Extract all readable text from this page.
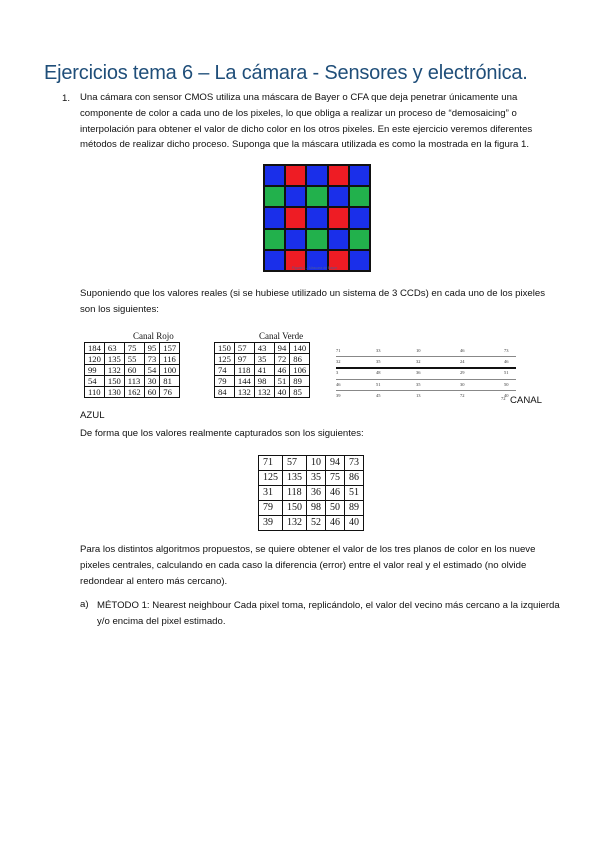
Ejercicios tema 6 – La cámara - Sensores y electrónica.
1. Una cámara con sensor CMOS utiliza una máscara de Bayer o CFA que deja penetrar únicamente una componente de color a cada uno de los pixeles, lo que obliga a realizar un proceso de “demosaicing” o interpolación para obtener el valor de dicho color en los otros pixeles. En este ejercicio veremos diferentes métodos de realizar dicho proceso. Suponga que la máscara utilizada es como la mostrada en la figura 1.
Figura 1 – Máscara de Bayer
Suponiendo que los valores reales (si se hubiese utilizado un sistema de 3 CCDs) en cada uno de los pixeles son los siguientes:
Canal Rojo
184	63	75	95	157
120	135	55	73	116
99	132	60	54	100
54	150	113	30	81
110	130	162	60	76
Canal Verde
150	57	43	94	140
125	97	35	72	86
74	118	41	46	106
79	144	98	51	89
84	132	132	40	85
71	33	10	46	73
32	35	32	24	46
3	48	36	29	51
46	51	35	30	50
39	45	13	72	40
72 CANAL
AZUL
De forma que los valores realmente capturados son los siguientes:
71	57	10	94	73
125	135	35	75	86
31	118	36	46	51
79	150	98	50	89
39	132	52	46	40
Para los distintos algoritmos propuestos, se quiere obtener el valor de los tres planos de color en los nueve pixeles centrales, calculando en cada caso la diferencia (error) entre el valor real y el estimado (no olvide redondear al entero más cercano).
a) MÉTODO 1: Nearest neighbour Cada pixel toma, replicándolo, el valor del vecino más cercano a la izquierda y/o encima del pixel estimado.
